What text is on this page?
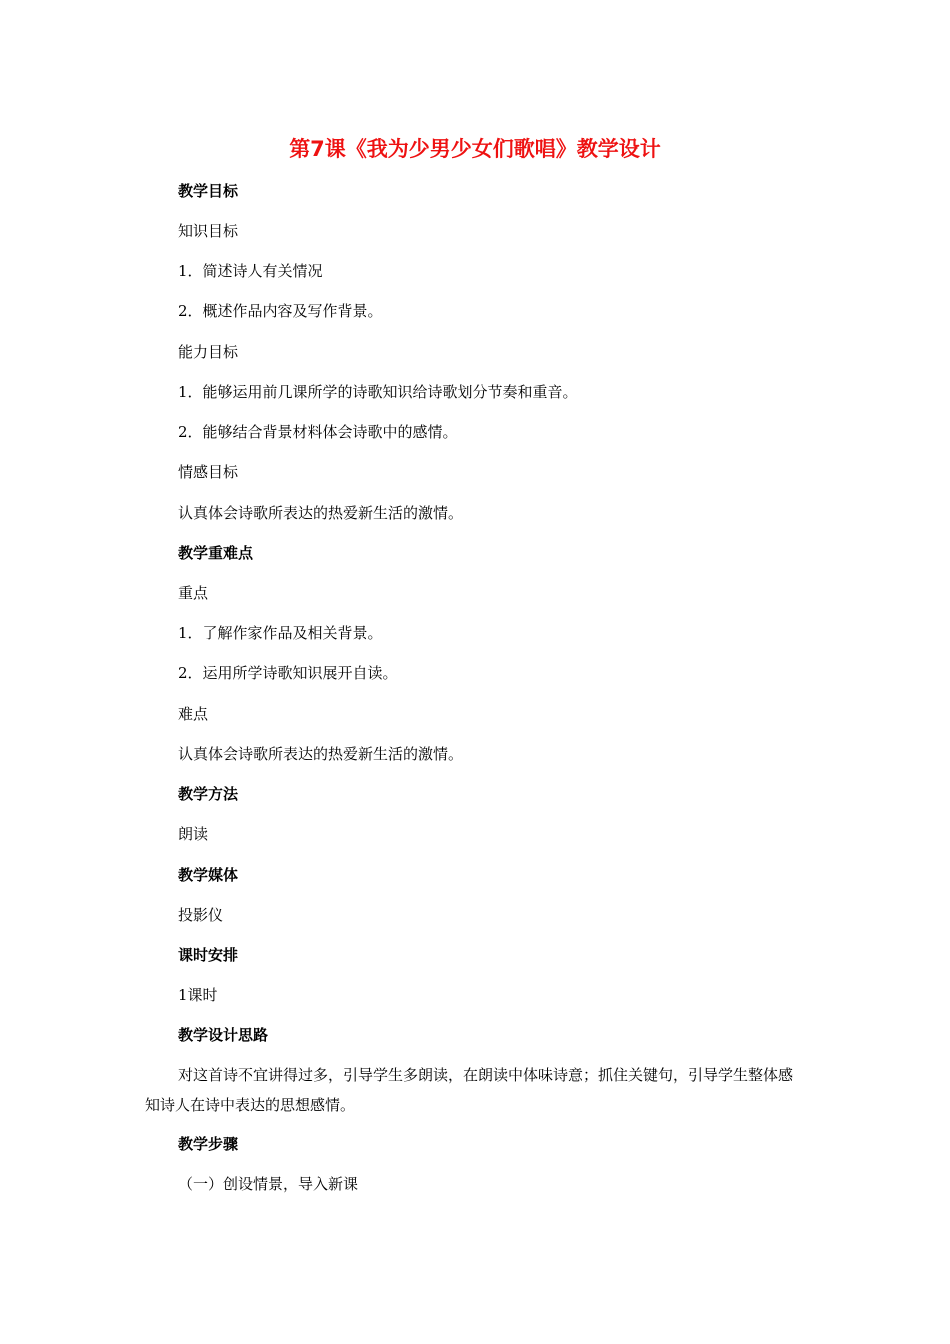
第7课《我为少男少女们歌唱》教学设计
教学目标
知识目标
1．简述诗人有关情况
2．概述作品内容及写作背景。
能力目标
1．能够运用前几课所学的诗歌知识给诗歌划分节奏和重音。
2．能够结合背景材料体会诗歌中的感情。
情感目标
认真体会诗歌所表达的热爱新生活的激情。
教学重难点
重点
1．了解作家作品及相关背景。
2．运用所学诗歌知识展开自读。
难点
认真体会诗歌所表达的热爱新生活的激情。
教学方法
朗读
教学媒体
投影仪
课时安排
1课时
教学设计思路
对这首诗不宜讲得过多，引导学生多朗读，在朗读中体味诗意；抓住关键句，引导学生整体感知诗人在诗中表达的思想感情。
教学步骤
（一）创设情景，导入新课
